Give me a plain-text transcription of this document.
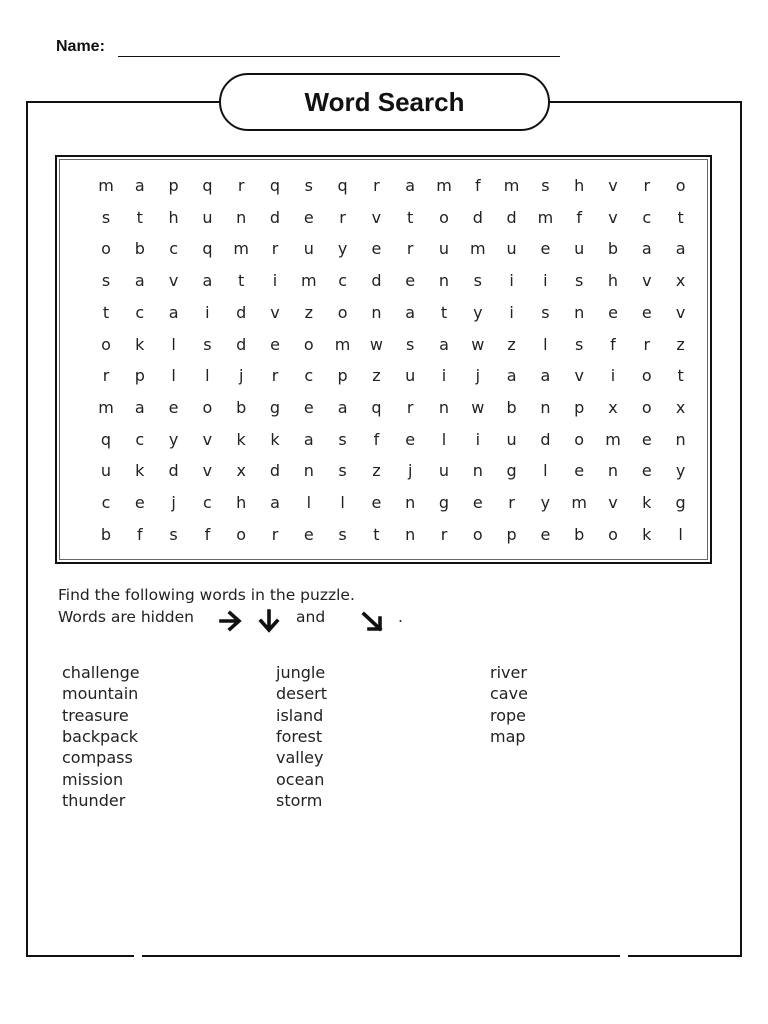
Name:
Word Search
m	a	p	q	r	q	s	q	r	a	m	f	m	s	h	v	r	o
s	t	h	u	n	d	e	r	v	t	o	d	d	m	f	v	c	t
o	b	c	q	m	r	u	y	e	r	u	m	u	e	u	b	a	a
s	a	v	a	t	i	m	c	d	e	n	s	i	i	s	h	v	x
t	c	a	i	d	v	z	o	n	a	t	y	i	s	n	e	e	v
o	k	l	s	d	e	o	m	w	s	a	w	z	l	s	f	r	z
r	p	l	l	j	r	c	p	z	u	i	j	a	a	v	i	o	t
m	a	e	o	b	g	e	a	q	r	n	w	b	n	p	x	o	x
q	c	y	v	k	k	a	s	f	e	l	i	u	d	o	m	e	n
u	k	d	v	x	d	n	s	z	j	u	n	g	l	e	n	e	y
c	e	j	c	h	a	l	l	e	n	g	e	r	y	m	v	k	g
b	f	s	f	o	r	e	s	t	n	r	o	p	e	b	o	k	l
Find the following words in the puzzle.
Words are hidden	and	.
challenge
mountain
treasure
backpack
compass
mission
thunder
jungle
desert
island
forest
valley
ocean
storm
river
cave
rope
map
